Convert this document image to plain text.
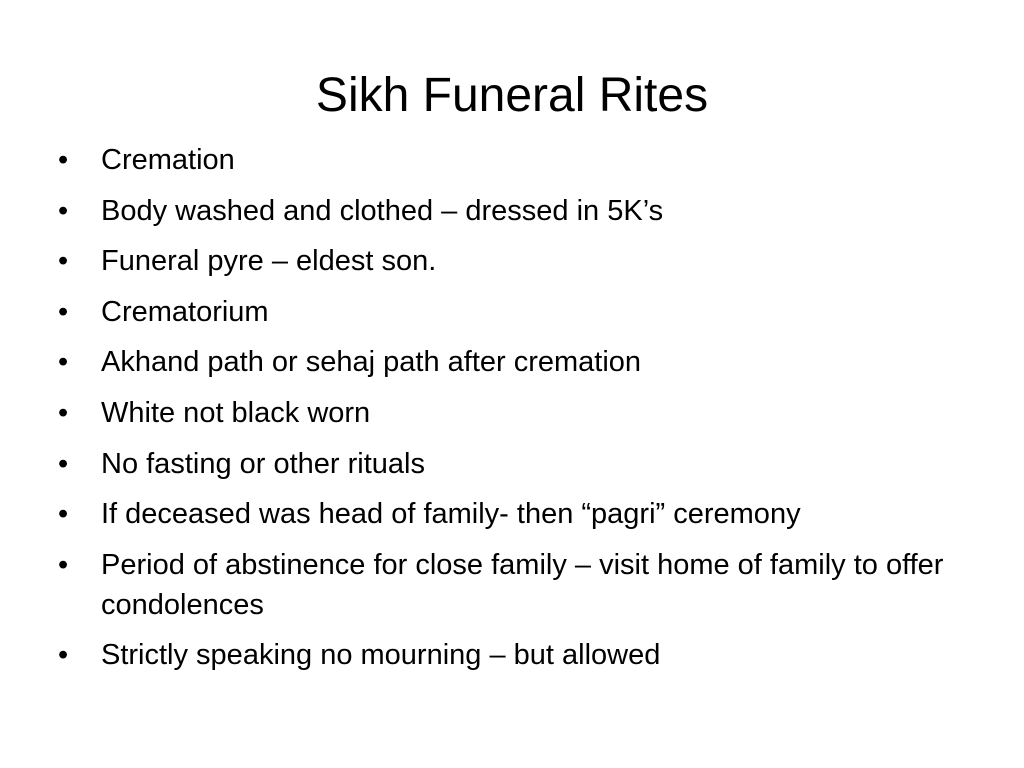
Sikh Funeral Rites
•	Cremation
•	Body washed and clothed – dressed in 5K’s
•	Funeral pyre – eldest son.
•	Crematorium
•	Akhand path or sehaj path after cremation
•	White not black worn
•	No fasting or other rituals
•	If deceased was head of family- then “pagri” ceremony
•	Period of abstinence for close family – visit home of family to offer condolences
•	Strictly speaking no mourning – but allowed
